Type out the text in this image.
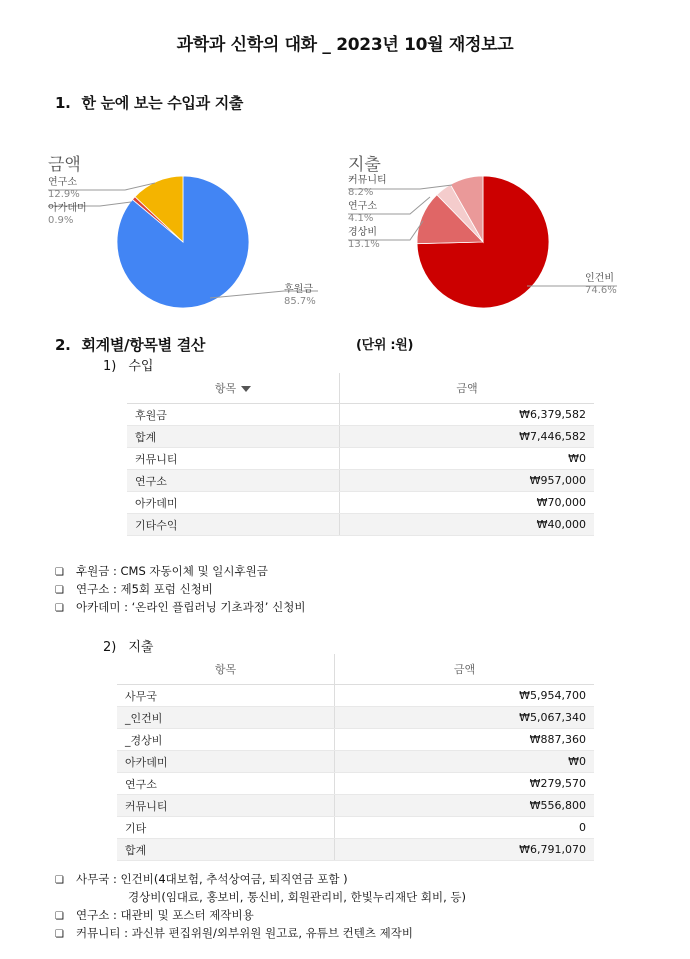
과학과 신학의 대화 _ 2023년 10월 재정보고
1. 한 눈에 보는 수입과 지출
금액
연구소
12.9%
아카데미
0.9%
후원금
85.7%
지출
커뮤니티
8.2%
연구소
4.1%
경상비
13.1%
인건비
74.6%
2. 회계별/항목별 결산	(단위 :원)
1) 수입
항목	금액
후원금	₩6,379,582
합계	₩7,446,582
커뮤니티	₩0
연구소	₩957,000
아카데미	₩70,000
기타수익	₩40,000
❏ 후원금 : CMS 자동이체 및 일시후원금
❏ 연구소 : 제5회 포럼 신청비
❏ 아카데미 : ‘온라인 플립러닝 기초과정’ 신청비
2) 지출
항목	금액
사무국	₩5,954,700
_인건비	₩5,067,340
_경상비	₩887,360
아카데미	₩0
연구소	₩279,570
커뮤니티	₩556,800
기타	0
합계	₩6,791,070
❏ 사무국 : 인건비(4대보험, 추석상여금, 퇴직연금 포함 )
경상비(임대료, 홍보비, 통신비, 회원관리비, 한빛누리재단 회비, 등)
❏ 연구소 : 대관비 및 포스터 제작비용
❏ 커뮤니티 : 과신뷰 편집위원/외부위원 원고료, 유튜브 컨텐츠 제작비
